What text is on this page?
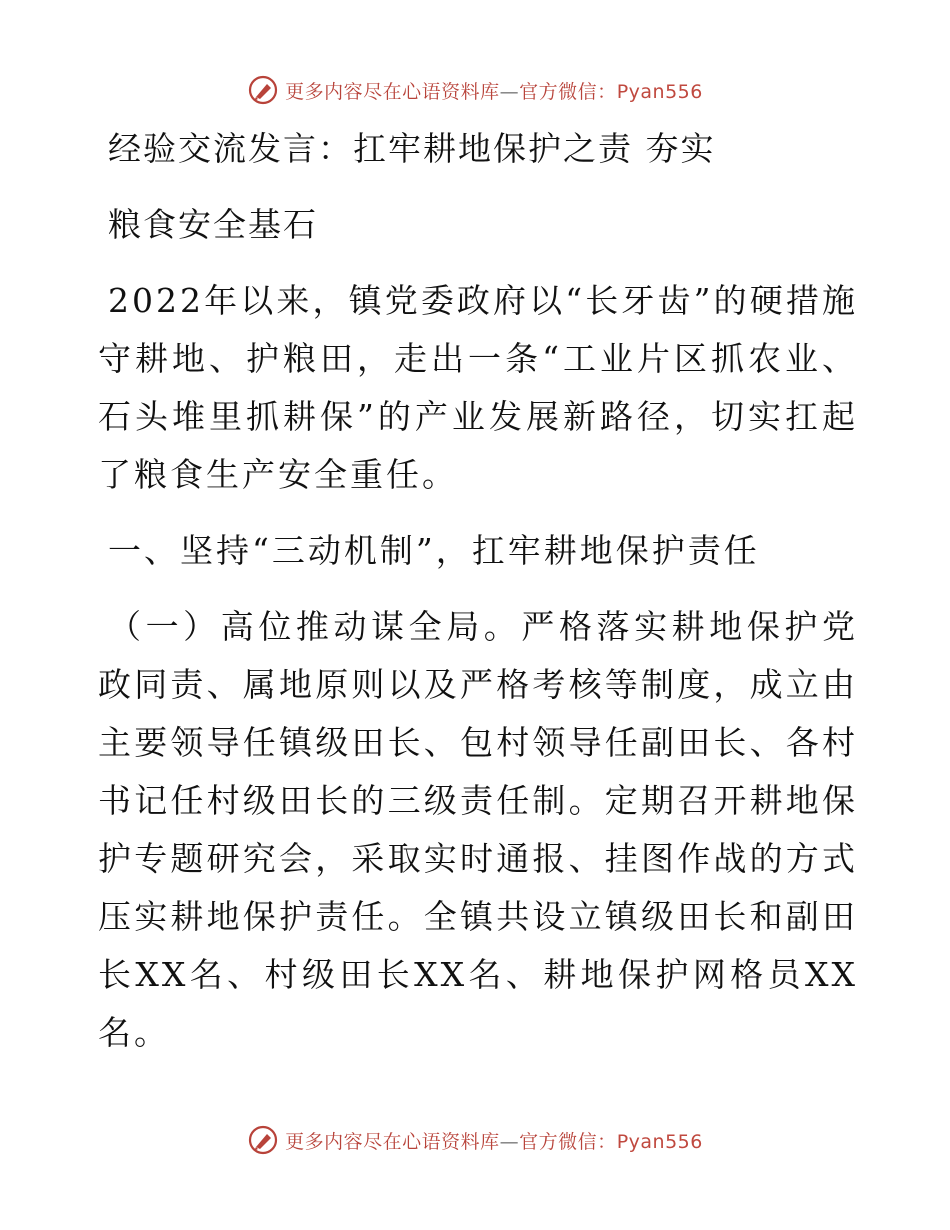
更多内容尽在心语资料库—官方微信：Pyan556
经验交流发言：扛牢耕地保护之责 夯实
粮食安全基石

2022年以来，镇党委政府以“长牙齿”的硬措施守耕地、护粮田，走出一条“工业片区抓农业、石头堆里抓耕保”的产业发展新路径，切实扛起了粮食生产安全重任。

一、坚持“三动机制”，扛牢耕地保护责任

（一）高位推动谋全局。严格落实耕地保护党政同责、属地原则以及严格考核等制度，成立由主要领导任镇级田长、包村领导任副田长、各村书记任村级田长的三级责任制。定期召开耕地保护专题研究会，采取实时通报、挂图作战的方式压实耕地保护责任。全镇共设立镇级田长和副田长XX名、村级田长XX名、耕地保护网格员XX名。

更多内容尽在心语资料库—官方微信：Pyan556
